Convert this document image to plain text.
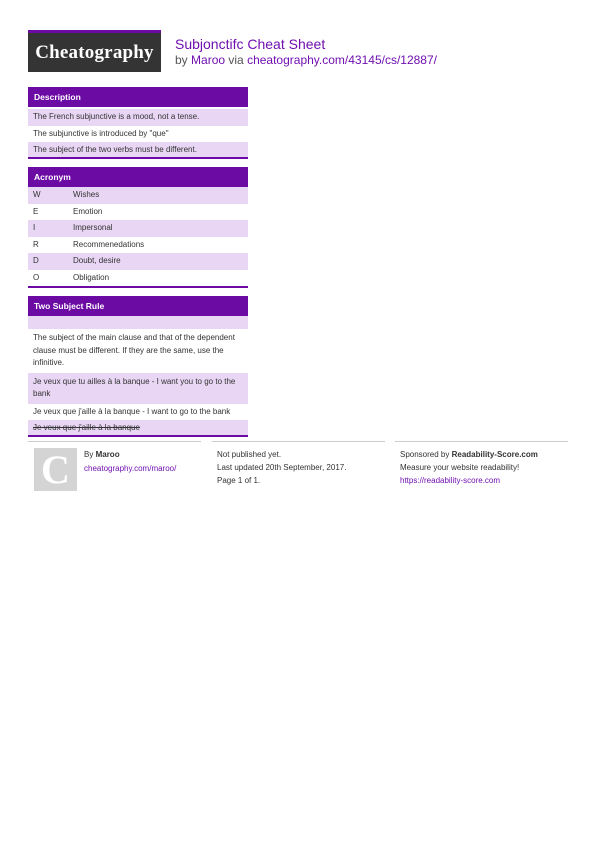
Cheatography Subjonctifc Cheat Sheet
by Maroo via cheatography.com/43145/cs/12887/
Description
The French subjunctive is a mood, not a tense.
The subjunctive is introduced by "que"
The subject of the two verbs must be different.
Acronym
W	Wishes
E	Emotion
I	Impersonal
R	Recommenedations
D	Doubt, desire
O	Obligation
Two Subject Rule
The subject of the main clause and that of the dependent clause must be different. If they are the same, use the infinitive.
Je veux que tu ailles à la banque - I want you to go to the bank
Je veux que j'aille à la banque - I want to go to the bank
Je veux que j'aille à la banque
C By Maroo
cheatography.com/maroo/
Not published yet.
Last updated 20th September, 2017.
Page 1 of 1.
Sponsored by Readability-Score.com
Measure your website readability!
https://readability-score.com
